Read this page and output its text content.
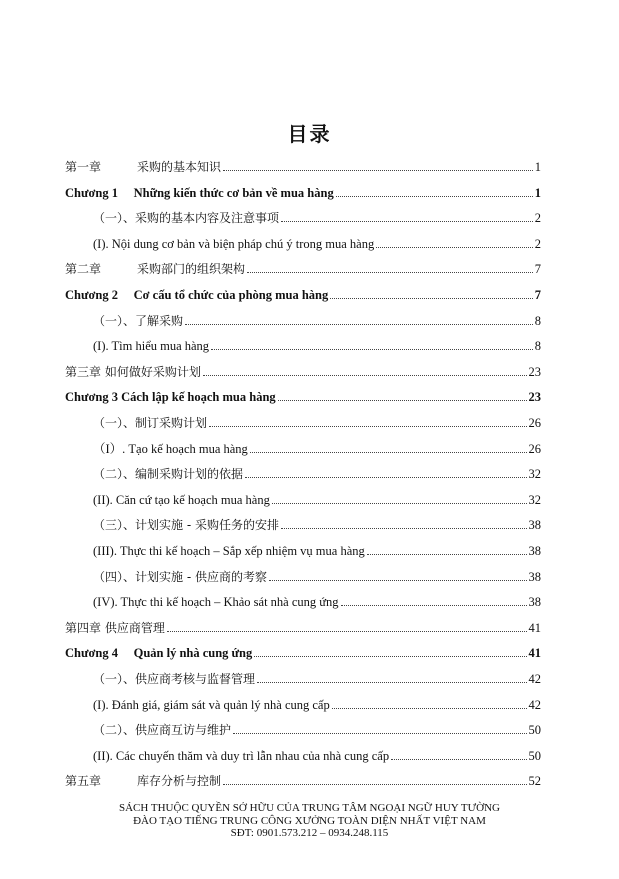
目录
第一章　　　采购的基本知识	1
Chương 1 　Những kiến thức cơ bản về mua hàng	1
（一）、采购的基本内容及注意事项	2
(I). Nội dung cơ bản và biện pháp chú ý trong mua hàng	2
第二章　　　采购部门的组织架构	7
Chương 2 　Cơ cấu tổ chức của phòng mua hàng	7
（一）、了解采购	8
(I). Tìm hiểu mua hàng	8
第三章 如何做好采购计划	23
Chương 3 Cách lập kế hoạch mua hàng	23
（一）、制订采购计划	26
（I）. Tạo kế hoạch mua hàng	26
（二）、编制采购计划的依据	32
(II). Căn cứ tạo kế hoạch mua hàng	32
（三）、计划实施 - 采购任务的安排	38
(III). Thực thi kế hoạch – Sắp xếp nhiệm vụ mua hàng	38
（四）、计划实施 - 供应商的考察	38
(IV). Thực thi kế hoạch – Khảo sát nhà cung ứng	38
第四章 供应商管理	41
Chương 4 　Quản lý nhà cung ứng	41
（一）、供应商考核与监督管理	42
(I). Đánh giá, giám sát và quản lý nhà cung cấp	42
（二）、供应商互访与维护	50
(II). Các chuyến thăm và duy trì lẫn nhau của nhà cung cấp	50
第五章　　　库存分析与控制	52
SÁCH THUỘC QUYỀN SỞ HỮU CỦA TRUNG TÂM NGOẠI NGỮ HUY TƯỜNG
ĐÀO TẠO TIẾNG TRUNG CÔNG XƯỞNG TOÀN DIỆN NHẤT VIỆT NAM
SĐT: 0901.573.212 – 0934.248.115
